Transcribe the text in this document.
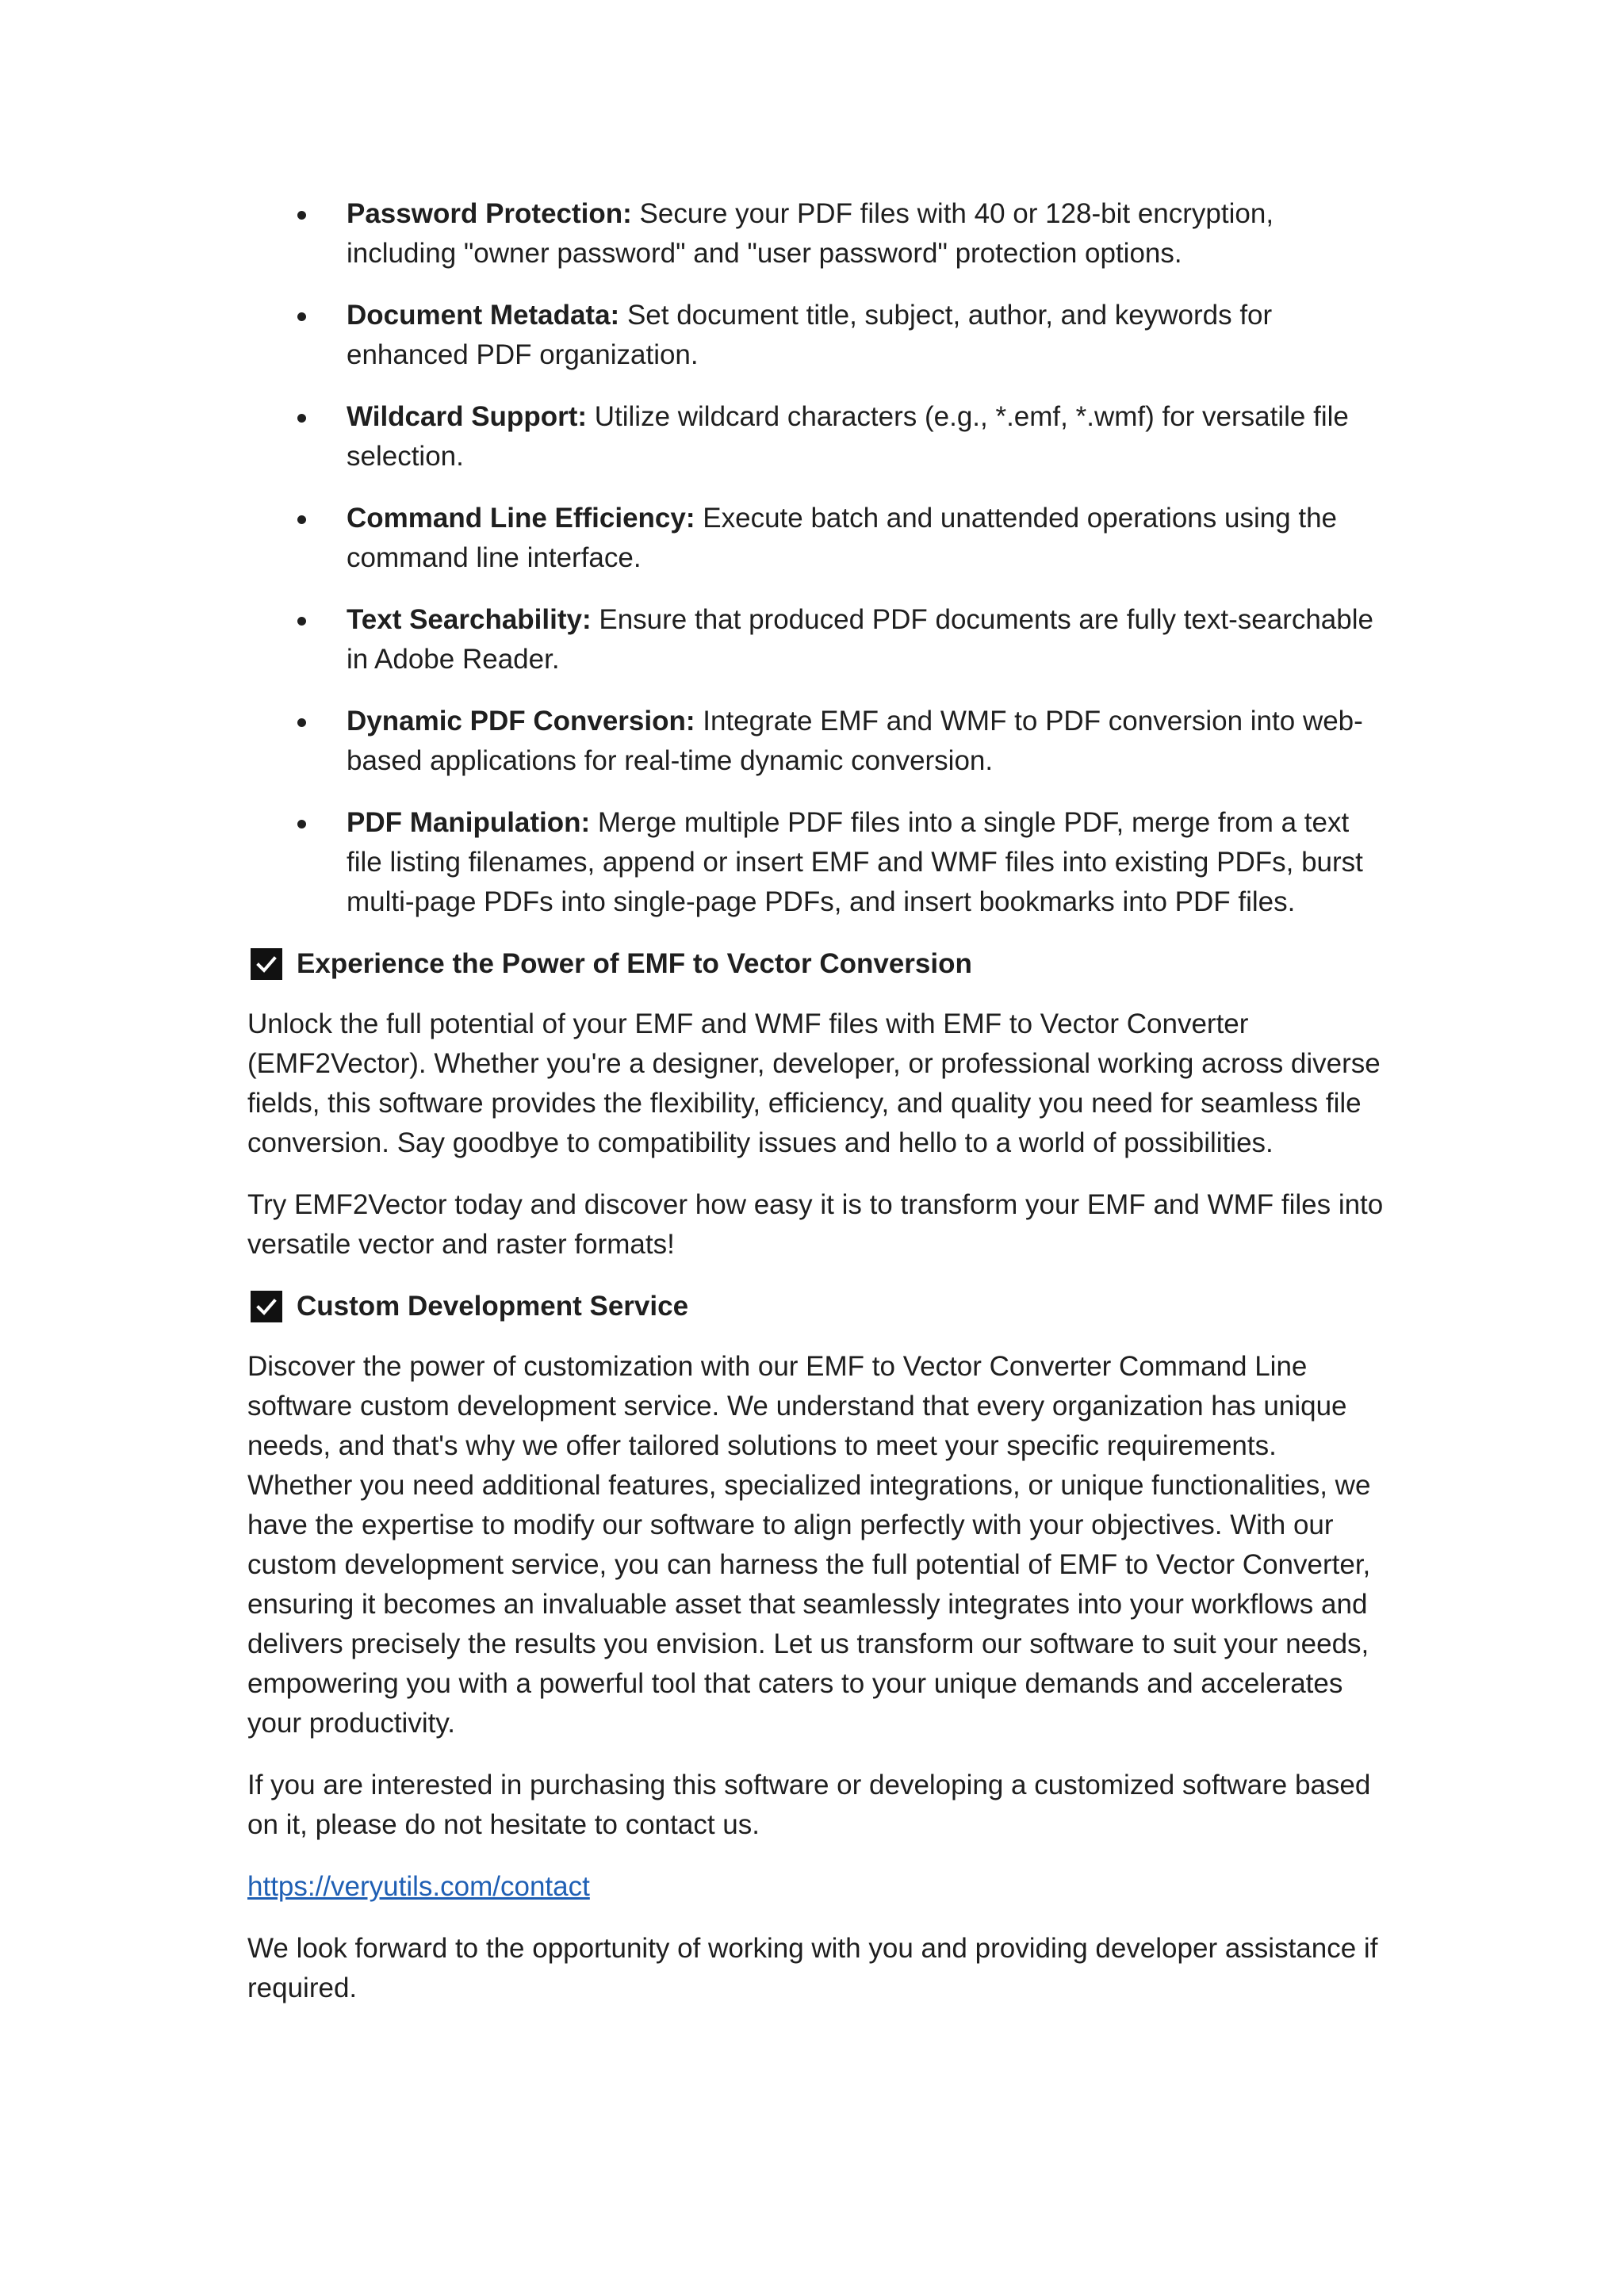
Password Protection: Secure your PDF files with 40 or 128-bit encryption, including "owner password" and "user password" protection options.
Document Metadata: Set document title, subject, author, and keywords for enhanced PDF organization.
Wildcard Support: Utilize wildcard characters (e.g., *.emf, *.wmf) for versatile file selection.
Command Line Efficiency: Execute batch and unattended operations using the command line interface.
Text Searchability: Ensure that produced PDF documents are fully text-searchable in Adobe Reader.
Dynamic PDF Conversion: Integrate EMF and WMF to PDF conversion into web-based applications for real-time dynamic conversion.
PDF Manipulation: Merge multiple PDF files into a single PDF, merge from a text file listing filenames, append or insert EMF and WMF files into existing PDFs, burst multi-page PDFs into single-page PDFs, and insert bookmarks into PDF files.
Experience the Power of EMF to Vector Conversion

Unlock the full potential of your EMF and WMF files with EMF to Vector Converter (EMF2Vector). Whether you're a designer, developer, or professional working across diverse fields, this software provides the flexibility, efficiency, and quality you need for seamless file conversion. Say goodbye to compatibility issues and hello to a world of possibilities.

Try EMF2Vector today and discover how easy it is to transform your EMF and WMF files into versatile vector and raster formats!

Custom Development Service

Discover the power of customization with our EMF to Vector Converter Command Line software custom development service. We understand that every organization has unique needs, and that's why we offer tailored solutions to meet your specific requirements. Whether you need additional features, specialized integrations, or unique functionalities, we have the expertise to modify our software to align perfectly with your objectives. With our custom development service, you can harness the full potential of EMF to Vector Converter, ensuring it becomes an invaluable asset that seamlessly integrates into your workflows and delivers precisely the results you envision. Let us transform our software to suit your needs, empowering you with a powerful tool that caters to your unique demands and accelerates your productivity.

If you are interested in purchasing this software or developing a customized software based on it, please do not hesitate to contact us.

https://veryutils.com/contact

We look forward to the opportunity of working with you and providing developer assistance if required.
